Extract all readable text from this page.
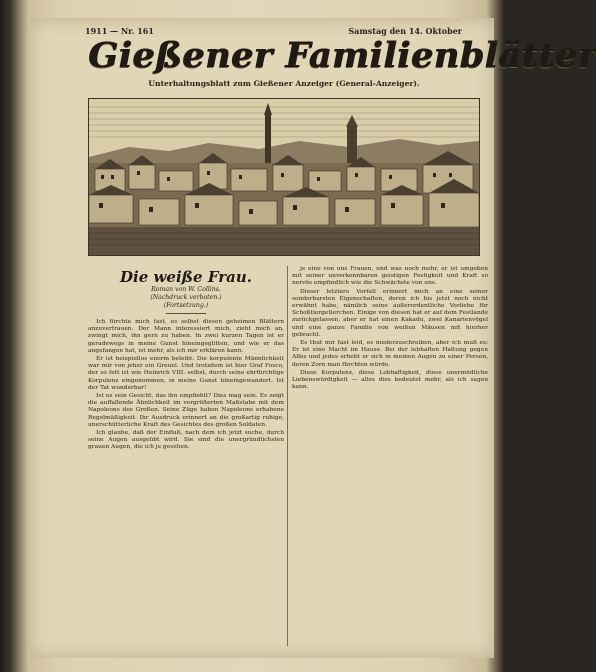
1911 — Nr. 161	Samstag den 14. Oktober
Gießener Familienblätter
Unterhaltungsblatt zum Gießener Anzeiger (General-Anzeiger).
Die weiße Frau.
Roman von W. Collins.
(Nachdruck verboten.)
(Fortsetzung.)

Ich fürchte mich fast, es selbst diesen geheimen Blättern anzuvertrauen. Der Mann interessiert mich, zieht mich an, zwingt mich, ihn gern zu haben. In zwei kurzen Tagen ist er geradewegs in meine Gunst hineingeglitten, und wie er das angefangen hat, ist mehr, als ich mir erklären kann.

Er ist beispiellos enorm beleibt. Die korpulente Männlichkeit war mir von jeher ein Greuel. Und trotzdem ist hier Graf Fosco, der so fett ist wie Heinrich VIII. selbst, durch seine ehrfürchtige Korpulenz eingenommen, in meine Gunst hineingewandert. Ist der Tat wunderbar!

Ist es sein Gesicht, das ihn empfiehlt? Dies mag sein. Es zeigt die auffallende Ähnlichkeit im vergrößerten Maßstabe mit dem Napoleons des Großen. Seine Züge haben Napoleons erhabene Regelmäßigkeit. Ihr Ausdruck erinnert an die großartig ruhige, unerschütterliche Kraft des Gesichtes des großen Soldaten.

Ich glaube, daß der Einfluß, nach dem ich jetzt suche, durch seine Augen ausgeübt wird. Sie sind die unergründlichsten grauen Augen, die ich je gesehen.

je eine von uns Frauen, und was noch mehr, er ist umgeben mit seiner unverkennbaren geistigen Festigkeit und Kraft so nervös empfindlich wie die Schwächste von uns.

Dieser letztere Vorfall erinnert mich an eine seiner sonderbarsten Eigenschaften, deren ich bis jetzt noch nicht erwähnt habe, nämlich seine außerordentliche Vorliebe für Schoßtiergetierchen. Einige von diesen hat er auf dem Festlande zurückgelassen, aber er hat einen Kakadu, zwei Kanarienvögel und eine ganze Familie von weißen Mäusen mit hierher gebracht.

Es thut mir fast leid, es niederzuschreiben, aber ich muß es: Er ist eine Macht im Hause. Bei der lebhaften Haltung gegen Alles und jedes erhebt er sich in meinen Augen zu einer Person, deren Zorn man fürchten würde.

Diese Korpulenz, diese Lebhaftigkeit, diese unermüdliche Liebenswürdigkeit — alles dies bedeutet mehr, als ich sagen kann.
